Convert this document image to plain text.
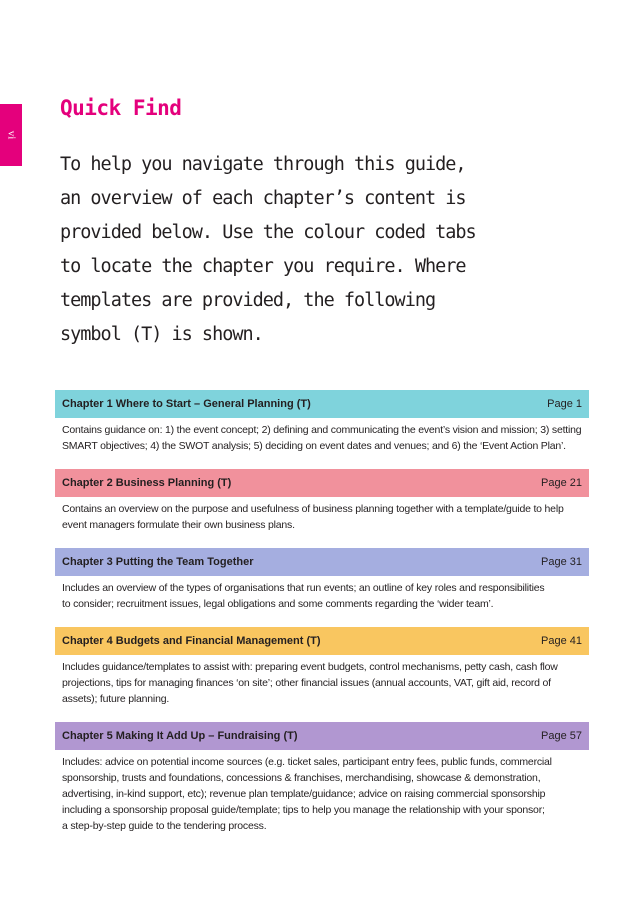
vi
Quick Find
To help you navigate through this guide,
an overview of each chapter’s content is
provided below. Use the colour coded tabs
to locate the chapter you require. Where
templates are provided, the following
symbol (T) is shown.
Chapter 1 Where to Start – General Planning (T)	Page 1
Contains guidance on: 1) the event concept; 2) defining and communicating the event’s vision and mission; 3) setting
SMART objectives; 4) the SWOT analysis; 5) deciding on event dates and venues; and 6) the ‘Event Action Plan’.
Chapter 2 Business Planning (T)	Page 21
Contains an overview on the purpose and usefulness of business planning together with a template/guide to help
event managers formulate their own business plans.
Chapter 3 Putting the Team Together	Page 31
Includes an overview of the types of organisations that run events; an outline of key roles and responsibilities
to consider; recruitment issues, legal obligations and some comments regarding the ‘wider team’.
Chapter 4 Budgets and Financial Management (T)	Page 41
Includes guidance/templates to assist with: preparing event budgets, control mechanisms, petty cash, cash flow
projections, tips for managing finances ‘on site’; other financial issues (annual accounts, VAT, gift aid, record of
assets); future planning.
Chapter 5 Making It Add Up – Fundraising (T)	Page 57
Includes: advice on potential income sources (e.g. ticket sales, participant entry fees, public funds, commercial
sponsorship, trusts and foundations, concessions & franchises, merchandising, showcase & demonstration,
advertising, in-kind support, etc); revenue plan template/guidance; advice on raising commercial sponsorship
including a sponsorship proposal guide/template; tips to help you manage the relationship with your sponsor;
a step-by-step guide to the tendering process.
